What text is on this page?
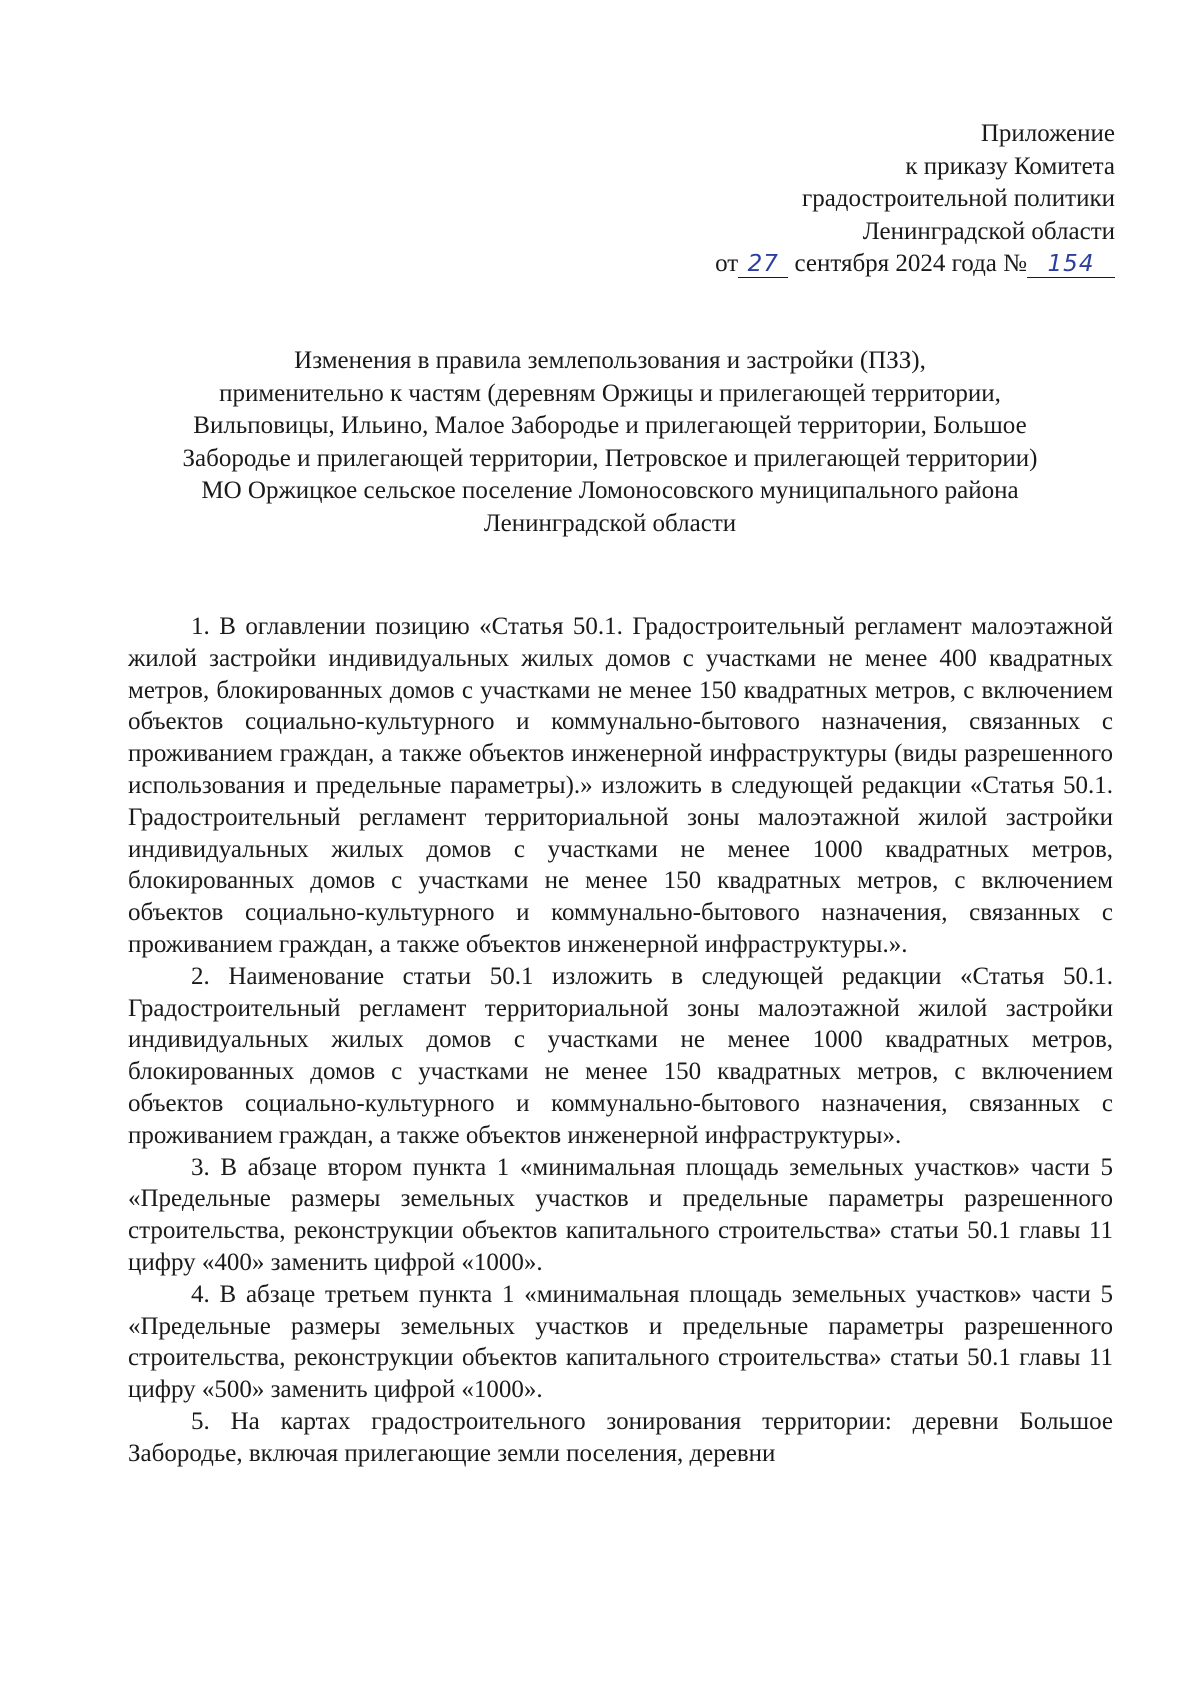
Приложение
к приказу Комитета
градостроительной политики
Ленинградской области
от 27 сентября 2024 года № 154
Изменения в правила землепользования и застройки (ПЗЗ),
применительно к частям (деревням Оржицы и прилегающей территории,
Вильповицы, Ильино, Малое Забородье и прилегающей территории, Большое
Забородье и прилегающей территории, Петровское и прилегающей территории)
МО Оржицкое сельское поселение Ломоносовского муниципального района
Ленинградской области

1. В оглавлении позицию «Статья 50.1. Градостроительный регламент малоэтажной жилой застройки индивидуальных жилых домов с участками не менее 400 квадратных метров, блокированных домов с участками не менее 150 квадратных метров, с включением объектов социально-культурного и коммунально-бытового назначения, связанных с проживанием граждан, а также объектов инженерной инфраструктуры (виды разрешенного использования и предельные параметры).» изложить в следующей редакции «Статья 50.1. Градостроительный регламент территориальной зоны малоэтажной жилой застройки индивидуальных жилых домов с участками не менее 1000 квадратных метров, блокированных домов с участками не менее 150 квадратных метров, с включением объектов социально-культурного и коммунально-бытового назначения, связанных с проживанием граждан, а также объектов инженерной инфраструктуры.».

2. Наименование статьи 50.1 изложить в следующей редакции «Статья 50.1. Градостроительный регламент территориальной зоны малоэтажной жилой застройки индивидуальных жилых домов с участками не менее 1000 квадратных метров, блокированных домов с участками не менее 150 квадратных метров, с включением объектов социально-культурного и коммунально-бытового назначения, связанных с проживанием граждан, а также объектов инженерной инфраструктуры».

3. В абзаце втором пункта 1 «минимальная площадь земельных участков» части 5 «Предельные размеры земельных участков и предельные параметры разрешенного строительства, реконструкции объектов капитального строительства» статьи 50.1 главы 11 цифру «400» заменить цифрой «1000».

4. В абзаце третьем пункта 1 «минимальная площадь земельных участков» части 5 «Предельные размеры земельных участков и предельные параметры разрешенного строительства, реконструкции объектов капитального строительства» статьи 50.1 главы 11 цифру «500» заменить цифрой «1000».

5. На картах градостроительного зонирования территории: деревни Большое Забородье, включая прилегающие земли поселения, деревни
